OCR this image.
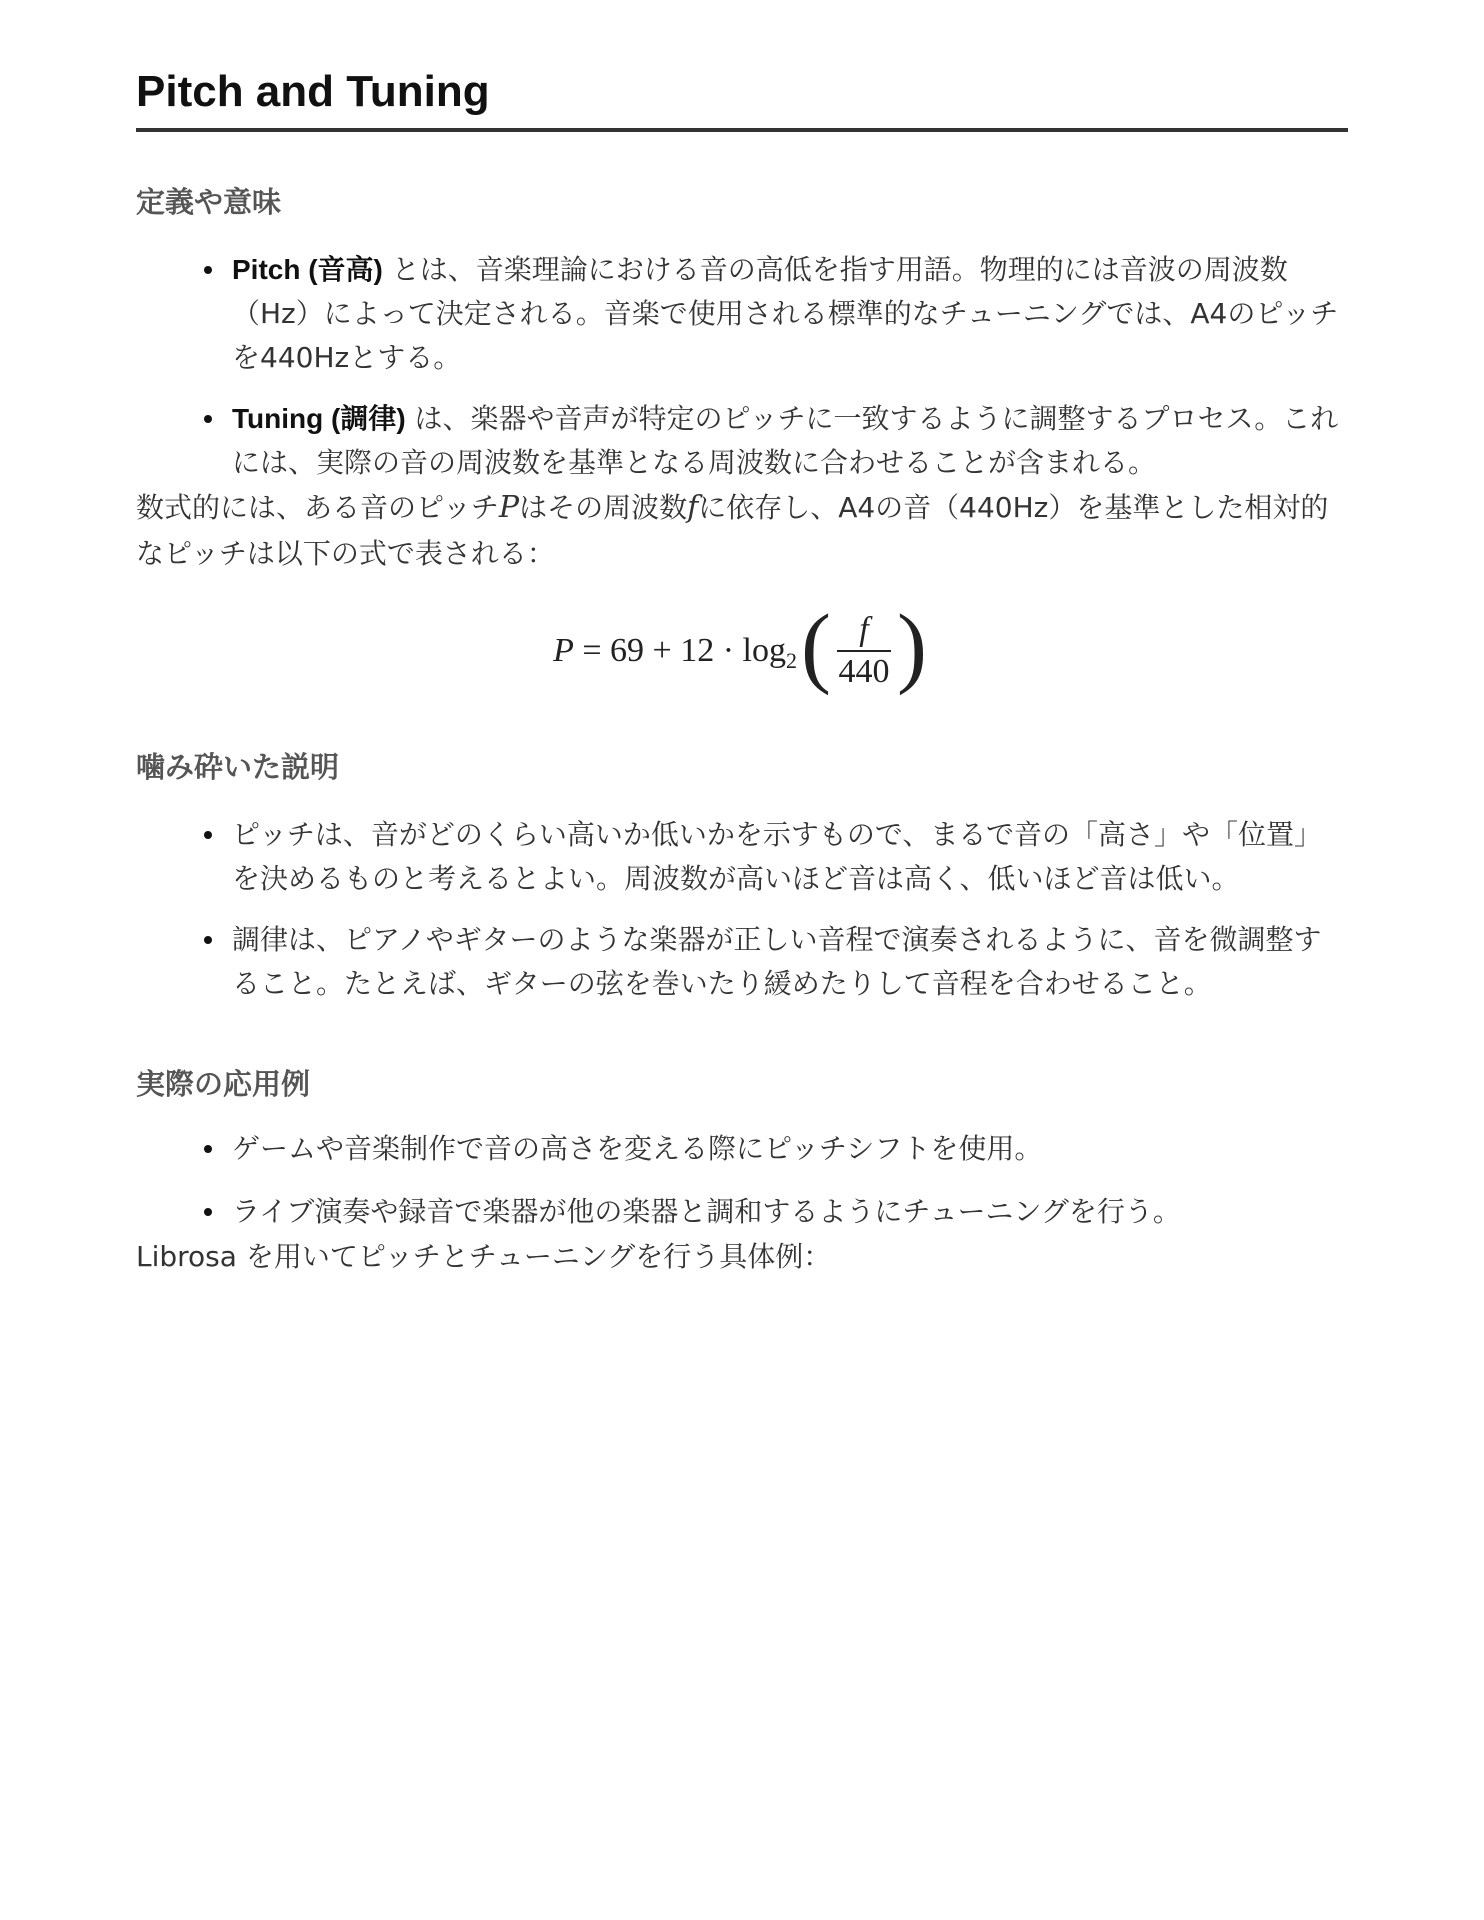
Pitch and Tuning
定義や意味
Pitch (音高) とは、音楽理論における音の高低を指す用語。物理的には音波の周波数（Hz）によって決定される。音楽で使用される標準的なチューニングでは、A4のピッチを440Hzとする。
Tuning (調律) は、楽器や音声が特定のピッチに一致するように調整するプロセス。これには、実際の音の周波数を基準となる周波数に合わせることが含まれる。

数式的には、ある音のピッチPはその周波数fに依存し、A4の音（440Hz）を基準とした相対的なピッチは以下の式で表される：

P = 69 + 12 · log 2 ( $\frac{f}{440}$ )
噛み砕いた説明
ピッチは、音がどのくらい高いか低いかを示すもので、まるで音の「高さ」や「位置」を決めるものと考えるとよい。周波数が高いほど音は高く、低いほど音は低い。
調律は、ピアノやギターのような楽器が正しい音程で演奏されるように、音を微調整すること。たとえば、ギターの弦を巻いたり緩めたりして音程を合わせること。
実際の応用例
ゲームや音楽制作で音の高さを変える際にピッチシフトを使用。
ライブ演奏や録音で楽器が他の楽器と調和するようにチューニングを行う。

Librosa を用いてピッチとチューニングを行う具体例：
